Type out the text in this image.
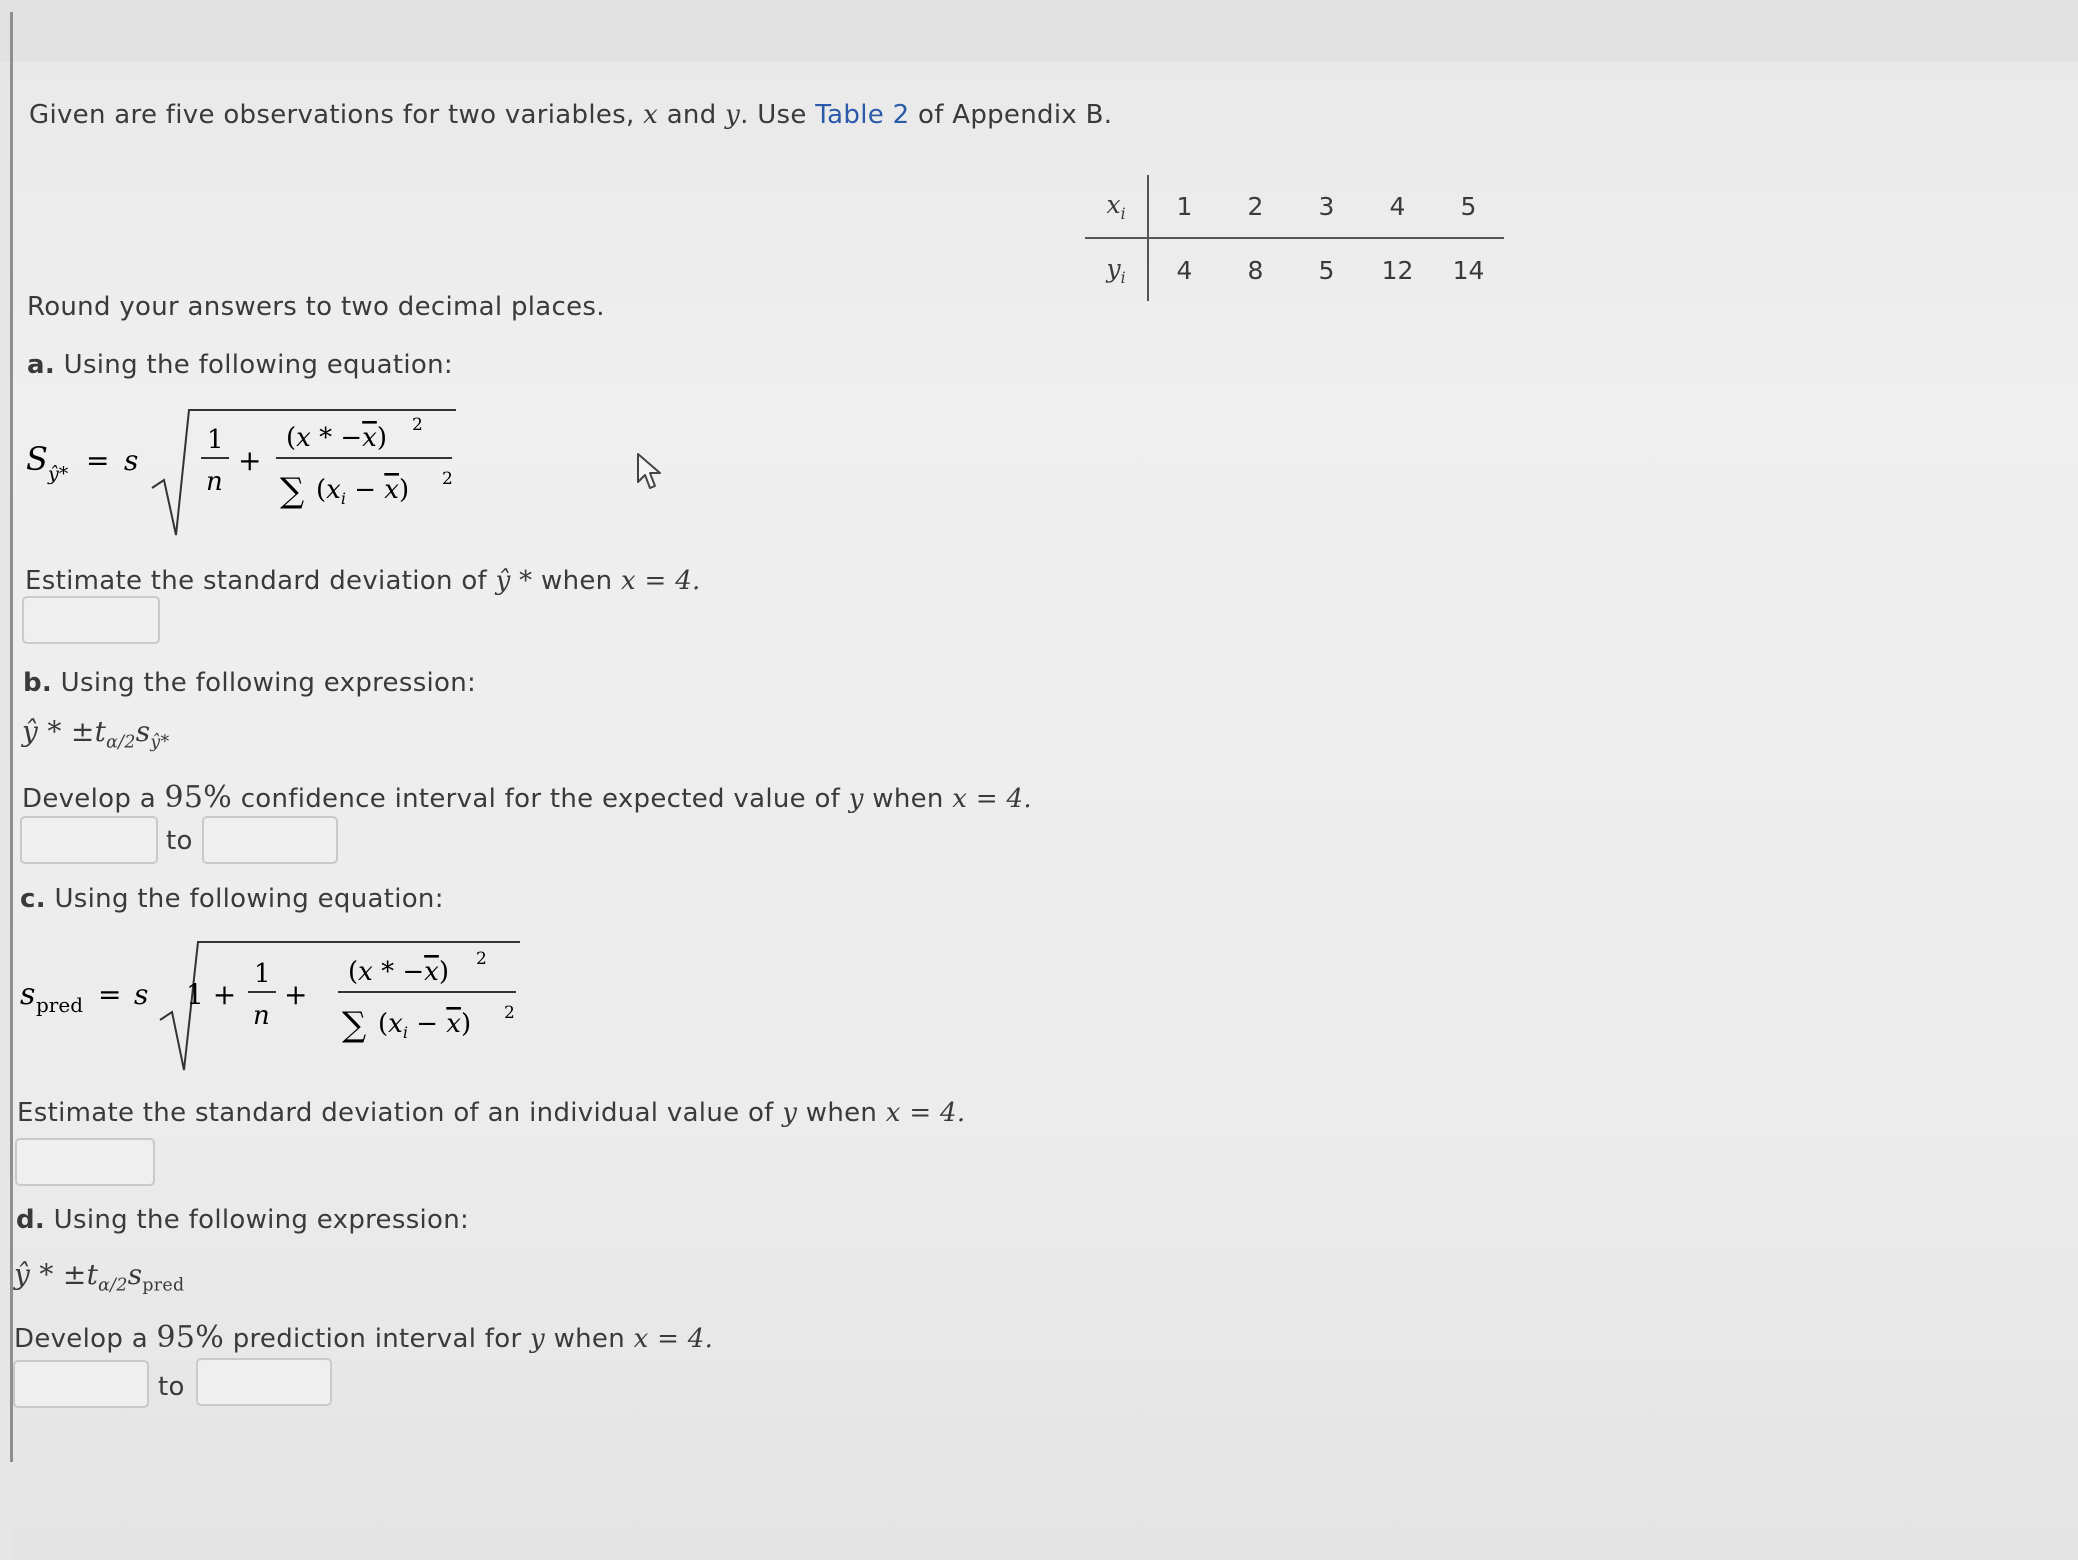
Given are five observations for two variables, x and y. Use Table 2 of Appendix B.
$x_i$	1	2	3	4	5
$y_i$	4	8	5	12	14
Round your answers to two decimal places.
a. Using the following equation:
S ŷ* = s
1
n
+
(x * −x) 2
∑ $(x_i - x)$ 2
Estimate the standard deviation of ŷ * when x = 4.
b. Using the following expression:
ŷ * $\pm t_{\alpha/2}s_{ŷ*}$
Develop a 95% confidence interval for the expected value of y when x = 4.
to
c. Using the following equation:
s pred = s 1 +
1
n
+
(x * −x) 2
∑ $(x_i - x)$ 2
Estimate the standard deviation of an individual value of y when x = 4.
d. Using the following expression:
ŷ * $\pm t_{\alpha/2}s_{pred}$
Develop a 95% prediction interval for y when x = 4.
to
